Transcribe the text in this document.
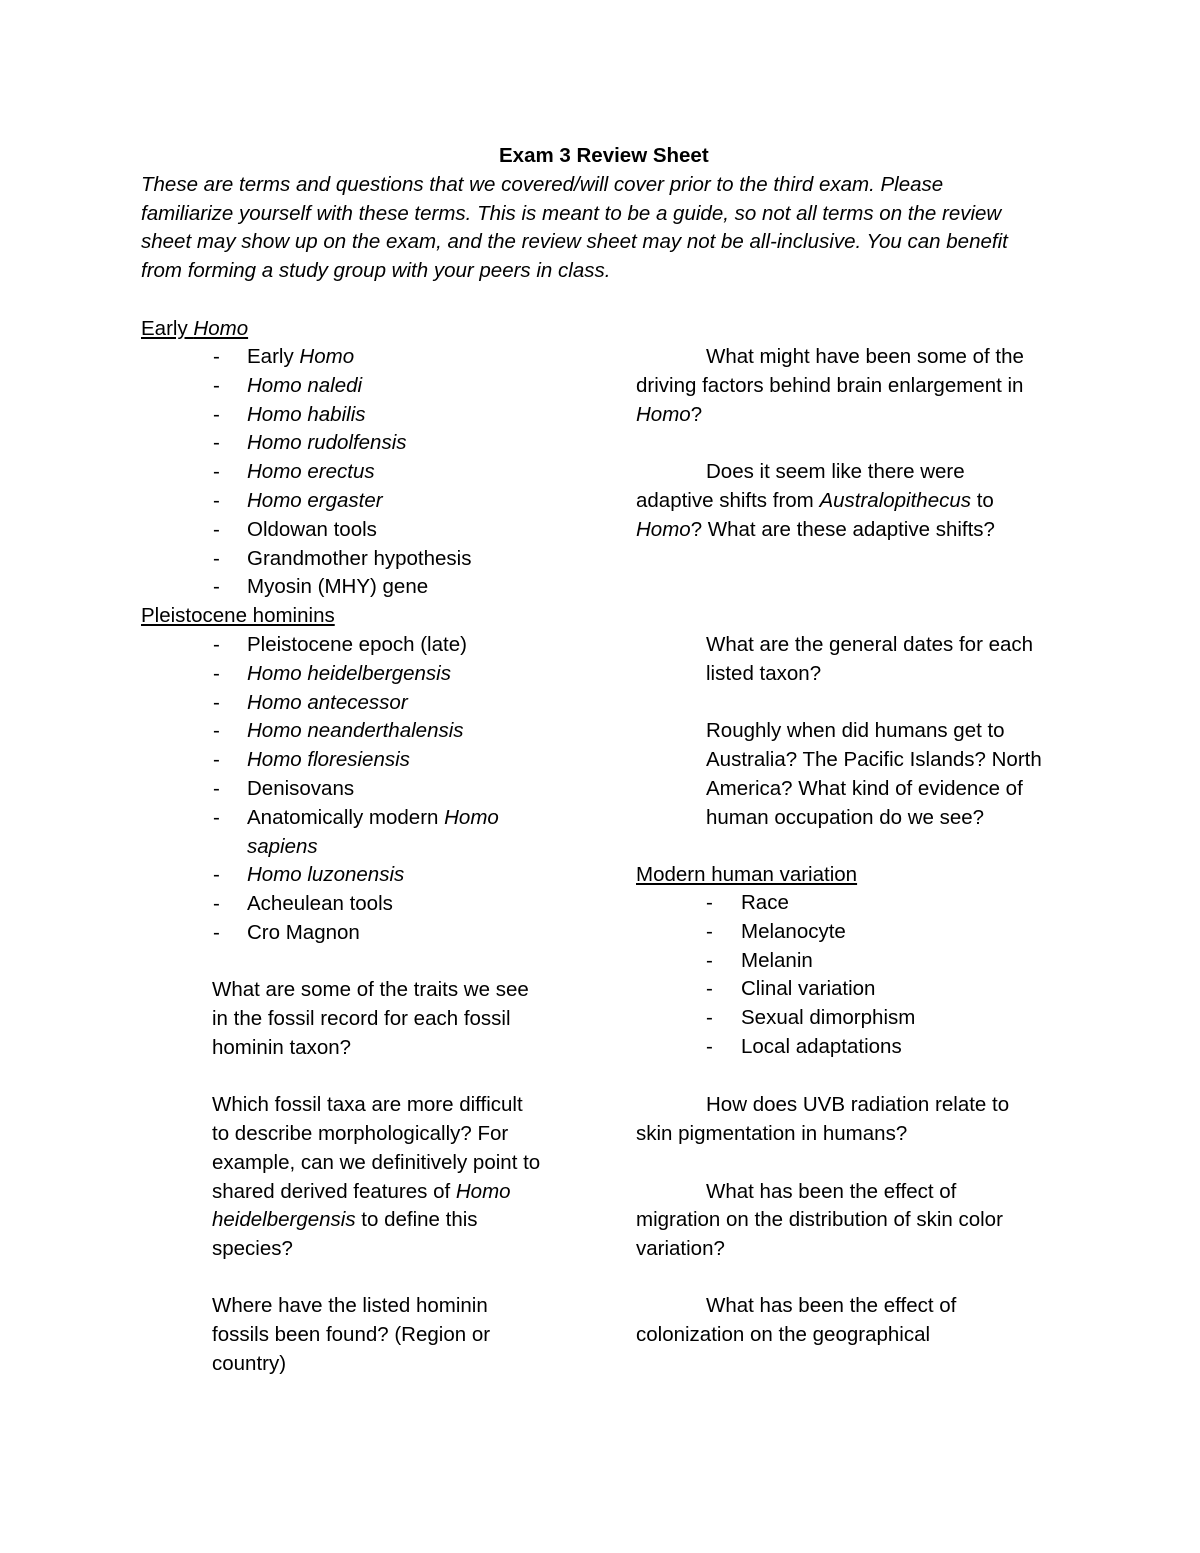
Exam 3 Review Sheet
These are terms and questions that we covered/will cover prior to the third exam. Please
familiarize yourself with these terms. This is meant to be a guide, so not all terms on the review
sheet may show up on the exam, and the review sheet may not be all-inclusive. You can benefit
from forming a study group with your peers in class.
Early Homo
- Early Homo
- Homo naledi
- Homo habilis
- Homo rudolfensis
- Homo erectus
- Homo ergaster
- Oldowan tools
- Grandmother hypothesis
- Myosin (MHY) gene
What might have been some of the
driving factors behind brain enlargement in
Homo?
Does it seem like there were
adaptive shifts from Australopithecus to
Homo? What are these adaptive shifts?
Pleistocene hominins
- Pleistocene epoch (late)
- Homo heidelbergensis
- Homo antecessor
- Homo neanderthalensis
- Homo floresiensis
- Denisovans
- Anatomically modern Homo
sapiens
- Homo luzonensis
- Acheulean tools
- Cro Magnon
What are the general dates for each
listed taxon?
Roughly when did humans get to
Australia? The Pacific Islands? North
America? What kind of evidence of
human occupation do we see?
What are some of the traits we see
in the fossil record for each fossil
hominin taxon?
Which fossil taxa are more difficult
to describe morphologically? For
example, can we definitively point to
shared derived features of Homo
heidelbergensis to define this
species?
Where have the listed hominin
fossils been found? (Region or
country)
Modern human variation
- Race
- Melanocyte
- Melanin
- Clinal variation
- Sexual dimorphism
- Local adaptations
How does UVB radiation relate to
skin pigmentation in humans?
What has been the effect of
migration on the distribution of skin color
variation?
What has been the effect of
colonization on the geographical
